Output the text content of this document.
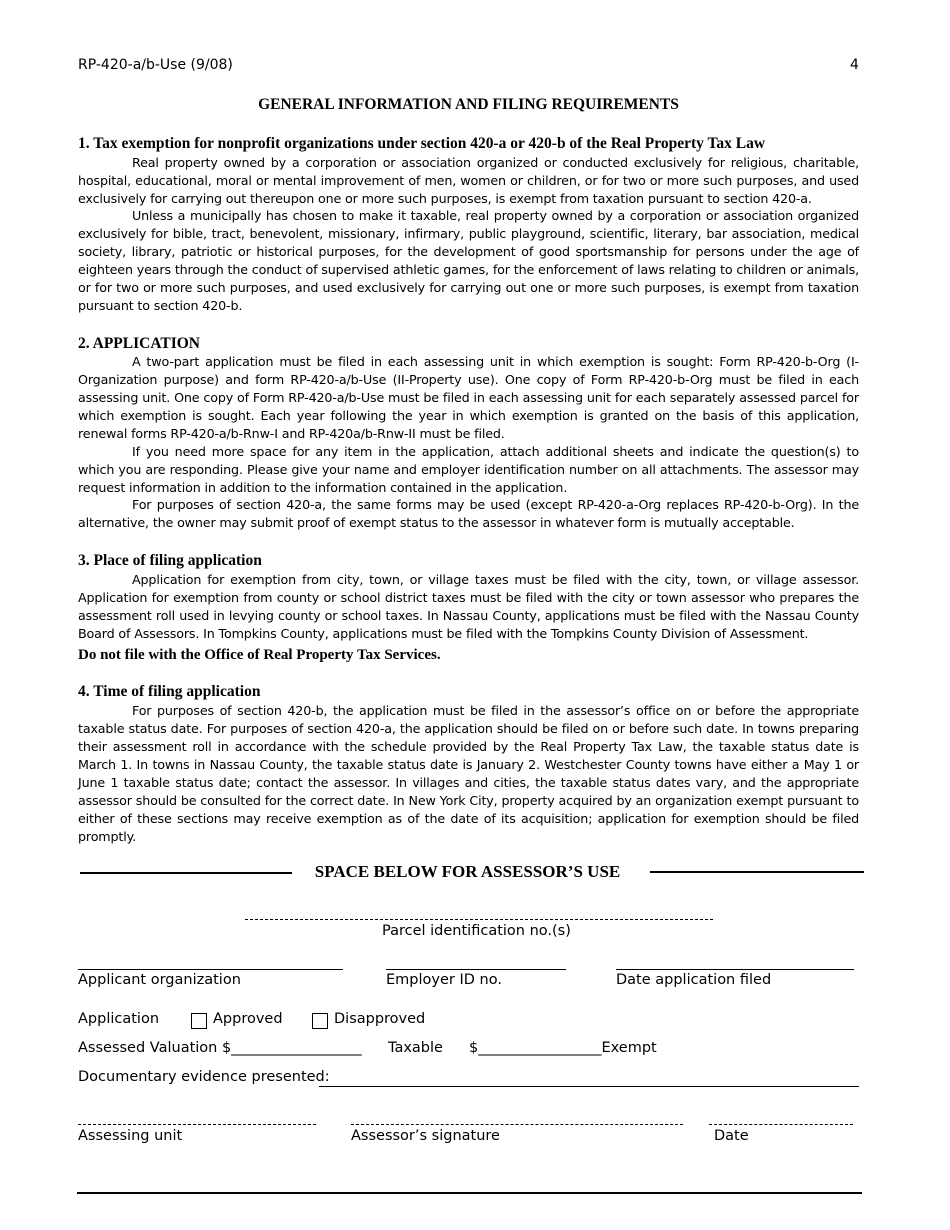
RP-420-a/b-Use (9/08)	4
GENERAL INFORMATION AND FILING REQUIREMENTS
1. Tax exemption for nonprofit organizations under section 420-a or 420-b of the Real Property Tax Law
Real property owned by a corporation or association organized or conducted exclusively for religious, charitable, hospital, educational, moral or mental improvement of men, women or children, or for two or more such purposes, and used exclusively for carrying out thereupon one or more such purposes, is exempt from taxation pursuant to section 420-a.
Unless a municipally has chosen to make it taxable, real property owned by a corporation or association organized exclusively for bible, tract, benevolent, missionary, infirmary, public playground, scientific, literary, bar association, medical society, library, patriotic or historical purposes, for the development of good sportsmanship for persons under the age of eighteen years through the conduct of supervised athletic games, for the enforcement of laws relating to children or animals, or for two or more such purposes, and used exclusively for carrying out one or more such purposes, is exempt from taxation pursuant to section 420-b.
2. APPLICATION
A two-part application must be filed in each assessing unit in which exemption is sought: Form RP-420-b-Org (I-Organization purpose) and form RP-420-a/b-Use (II-Property use). One copy of Form RP-420-b-Org must be filed in each assessing unit. One copy of Form RP-420-a/b-Use must be filed in each assessing unit for each separately assessed parcel for which exemption is sought. Each year following the year in which exemption is granted on the basis of this application, renewal forms RP-420-a/b-Rnw-I and RP-420a/b-Rnw-II must be filed.
If you need more space for any item in the application, attach additional sheets and indicate the question(s) to which you are responding. Please give your name and employer identification number on all attachments. The assessor may request information in addition to the information contained in the application.
For purposes of section 420-a, the same forms may be used (except RP-420-a-Org replaces RP-420-b-Org). In the alternative, the owner may submit proof of exempt status to the assessor in whatever form is mutually acceptable.
3. Place of filing application
Application for exemption from city, town, or village taxes must be filed with the city, town, or village assessor. Application for exemption from county or school district taxes must be filed with the city or town assessor who prepares the assessment roll used in levying county or school taxes. In Nassau County, applications must be filed with the Nassau County Board of Assessors. In Tompkins County, applications must be filed with the Tompkins County Division of Assessment.
Do not file with the Office of Real Property Tax Services.
4. Time of filing application
For purposes of section 420-b, the application must be filed in the assessor’s office on or before the appropriate taxable status date. For purposes of section 420-a, the application should be filed on or before such date. In towns preparing their assessment roll in accordance with the schedule provided by the Real Property Tax Law, the taxable status date is March 1. In towns in Nassau County, the taxable status date is January 2. Westchester County towns have either a May 1 or June 1 taxable status date; contact the assessor. In villages and cities, the taxable status dates vary, and the appropriate assessor should be consulted for the correct date. In New York City, property acquired by an organization exempt pursuant to either of these sections may receive exemption as of the date of its acquisition; application for exemption should be filed promptly.
SPACE BELOW FOR ASSESSOR’S USE
Parcel identification no.(s)
Applicant organization	Employer ID no.	Date application filed
Application	Approved	Disapproved
Assessed Valuation $__________________ Taxable $_________________Exempt
Documentary evidence presented:
Assessing unit	Assessor’s signature	Date
